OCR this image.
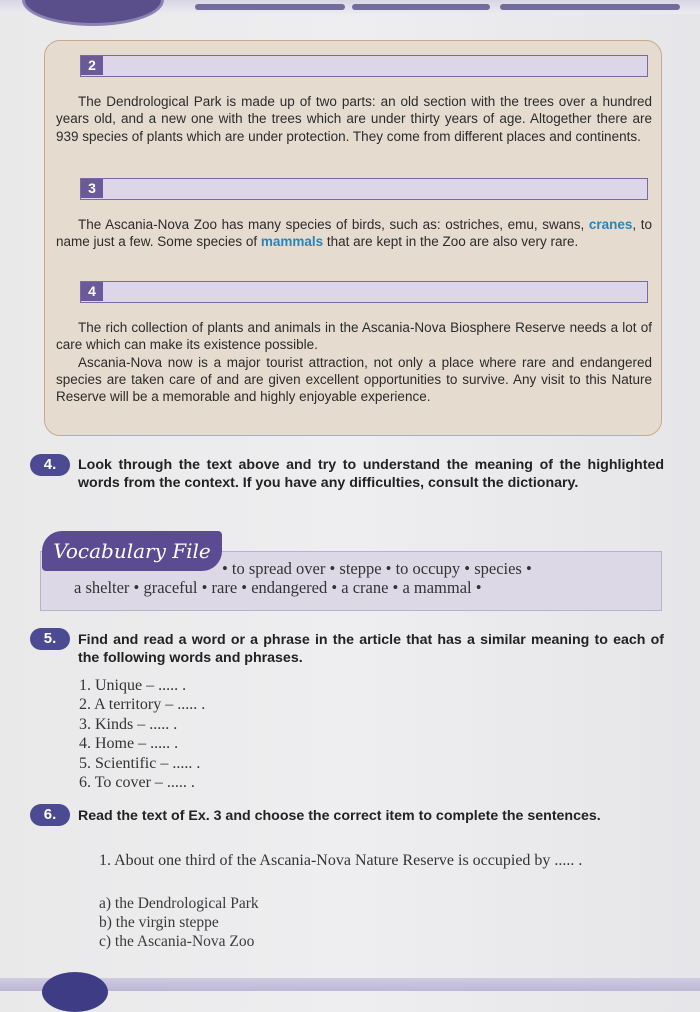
2

The Dendrological Park is made up of two parts: an old section with the trees over a hundred years old, and a new one with the trees which are under thirty years of age. Altogether there are 939 species of plants which are under protection. They come from different places and continents.

3

The Ascania-Nova Zoo has many species of birds, such as: ostriches, emu, swans, cranes, to name just a few. Some species of mammals that are kept in the Zoo are also very rare.

4

The rich collection of plants and animals in the Ascania-Nova Biosphere Reserve needs a lot of care which can make its existence possible.
Ascania-Nova now is a major tourist attraction, not only a place where rare and endangered species are taken care of and are given excellent opportunities to survive. Any visit to this Nature Reserve will be a memorable and highly enjoyable experience.

4.	Look through the text above and try to understand the meaning of the highlighted words from the context. If you have any difficulties, consult the dictionary.

Vocabulary File

• to spread over • steppe • to occupy • species •

a shelter • graceful • rare • endangered • a crane • a mammal •

5.	Find and read a word or a phrase in the article that has a similar meaning to each of the following words and phrases.

1. Unique – ..... .

2. A territory – ..... .

3. Kinds – ..... .

4. Home – ..... .

5. Scientific – ..... .

6. To cover – ..... .

6.	Read the text of Ex. 3 and choose the correct item to complete the sentences.

1. About one third of the Ascania-Nova Nature Reserve is occupied by ..... .

a) the Dendrological Park

b) the virgin steppe

c) the Ascania-Nova Zoo
